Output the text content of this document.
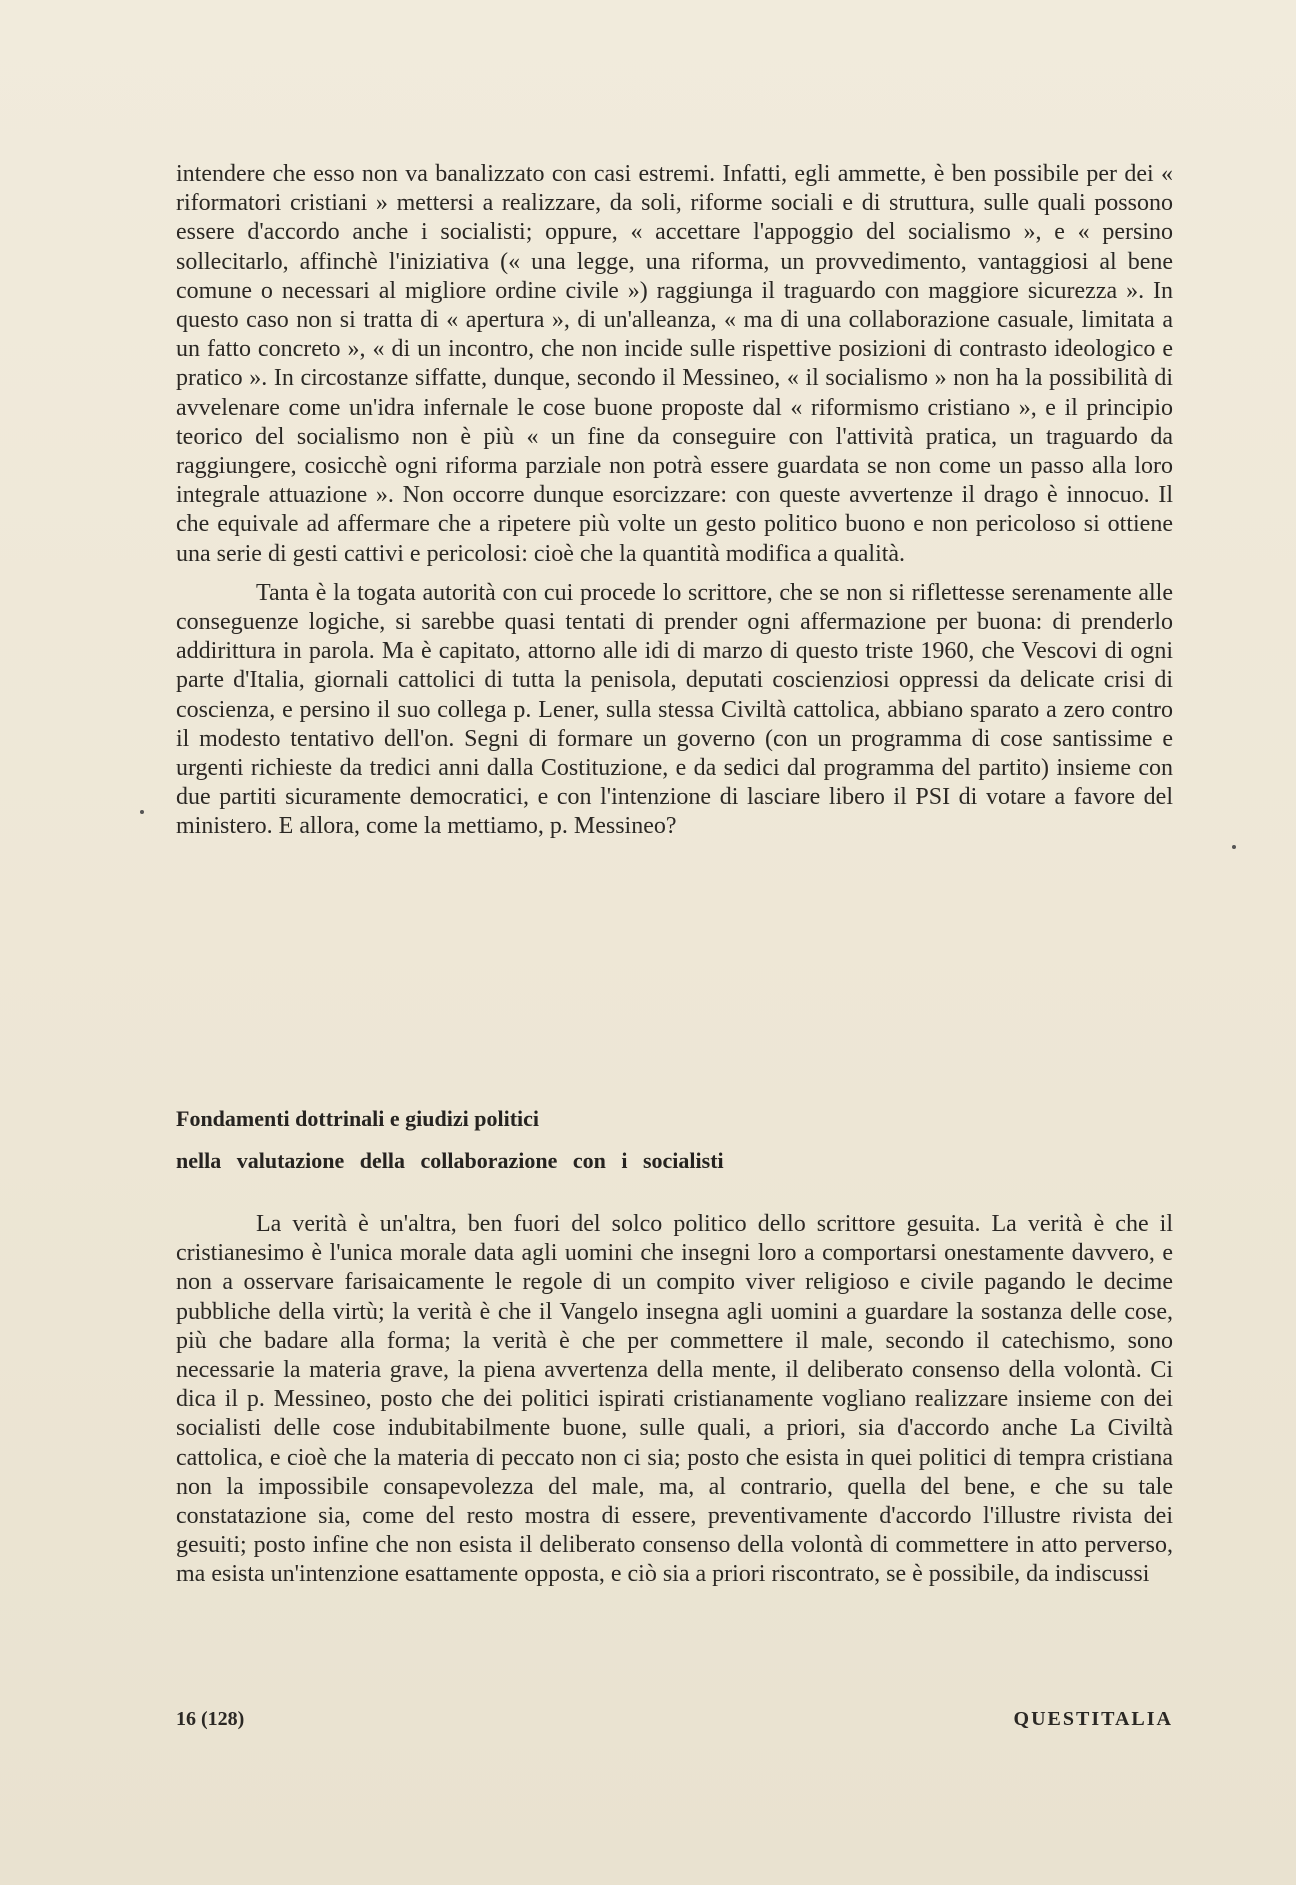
intendere che esso non va banalizzato con casi estremi. Infatti, egli ammette, è ben possibile per dei « riformatori cristiani » mettersi a realizzare, da soli, riforme sociali e di struttura, sulle quali possono essere d'accordo anche i socialisti; oppure, « accettare l'appoggio del socialismo », e « persino sollecitarlo, affinchè l'iniziativa (« una legge, una riforma, un provvedimento, vantaggiosi al bene comune o necessari al migliore ordine civile ») raggiunga il traguardo con maggiore sicurezza ». In questo caso non si tratta di « apertura », di un'alleanza, « ma di una collaborazione casuale, limitata a un fatto concreto », « di un incontro, che non incide sulle rispettive posizioni di contrasto ideologico e pratico ». In circostanze siffatte, dunque, secondo il Messineo, « il socialismo » non ha la possibilità di avvelenare come un'idra infernale le cose buone proposte dal « riformismo cristiano », e il principio teorico del socialismo non è più « un fine da conseguire con l'attività pratica, un traguardo da raggiungere, cosicchè ogni riforma parziale non potrà essere guardata se non come un passo alla loro integrale attuazione ». Non occorre dunque esorcizzare: con queste avvertenze il drago è innocuo. Il che equivale ad affermare che a ripetere più volte un gesto politico buono e non pericoloso si ottiene una serie di gesti cattivi e pericolosi: cioè che la quantità modifica a qualità.

Tanta è la togata autorità con cui procede lo scrittore, che se non si riflettesse serenamente alle conseguenze logiche, si sarebbe quasi tentati di prender ogni affermazione per buona: di prenderlo addirittura in parola. Ma è capitato, attorno alle idi di marzo di questo triste 1960, che Vescovi di ogni parte d'Italia, giornali cattolici di tutta la penisola, deputati coscienziosi oppressi da delicate crisi di coscienza, e persino il suo collega p. Lener, sulla stessa Civiltà cattolica, abbiano sparato a zero contro il modesto tentativo dell'on. Segni di formare un governo (con un programma di cose santissime e urgenti richieste da tredici anni dalla Costituzione, e da sedici dal programma del partito) insieme con due partiti sicuramente democratici, e con l'intenzione di lasciare libero il PSI di votare a favore del ministero. E allora, come la mettiamo, p. Messineo?

Fondamenti dottrinali e giudizi politici
nella valutazione della collaborazione con i socialisti

La verità è un'altra, ben fuori del solco politico dello scrittore gesuita. La verità è che il cristianesimo è l'unica morale data agli uomini che insegni loro a comportarsi onestamente davvero, e non a osservare farisaicamente le regole di un compito viver religioso e civile pagando le decime pubbliche della virtù; la verità è che il Vangelo insegna agli uomini a guardare la sostanza delle cose, più che badare alla forma; la verità è che per commettere il male, secondo il catechismo, sono necessarie la materia grave, la piena avvertenza della mente, il deliberato consenso della volontà. Ci dica il p. Messineo, posto che dei politici ispirati cristianamente vogliano realizzare insieme con dei socialisti delle cose indubitabilmente buone, sulle quali, a priori, sia d'accordo anche La Civiltà cattolica, e cioè che la materia di peccato non ci sia; posto che esista in quei politici di tempra cristiana non la impossibile consapevolezza del male, ma, al contrario, quella del bene, e che su tale constatazione sia, come del resto mostra di essere, preventivamente d'accordo l'illustre rivista dei gesuiti; posto infine che non esista il deliberato consenso della volontà di commettere in atto perverso, ma esista un'intenzione esattamente opposta, e ciò sia a priori riscontrato, se è possibile, da indiscussi

16 (128)	QUESTITALIA
